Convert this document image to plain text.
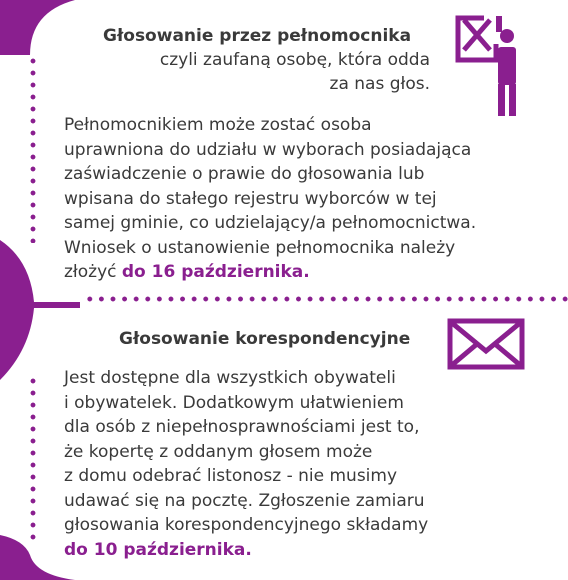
Głosowanie przez pełnomocnika
czyli zaufaną osobę, która odda
za nas głos.
Pełnomocnikiem może zostać osoba
uprawniona do udziału w wyborach posiadająca
zaświadczenie o prawie do głosowania lub
wpisana do stałego rejestru wyborców w tej
samej gminie, co udzielający/a pełnomocnictwa.
Wniosek o ustanowienie pełnomocnika należy
złożyć do 16 października.
Głosowanie korespondencyjne
Jest dostępne dla wszystkich obywateli
i obywatelek. Dodatkowym ułatwieniem
dla osób z niepełnosprawnościami jest to,
że kopertę z oddanym głosem może
z domu odebrać listonosz - nie musimy
udawać się na pocztę. Zgłoszenie zamiaru
głosowania korespondencyjnego składamy
do 10 października.
